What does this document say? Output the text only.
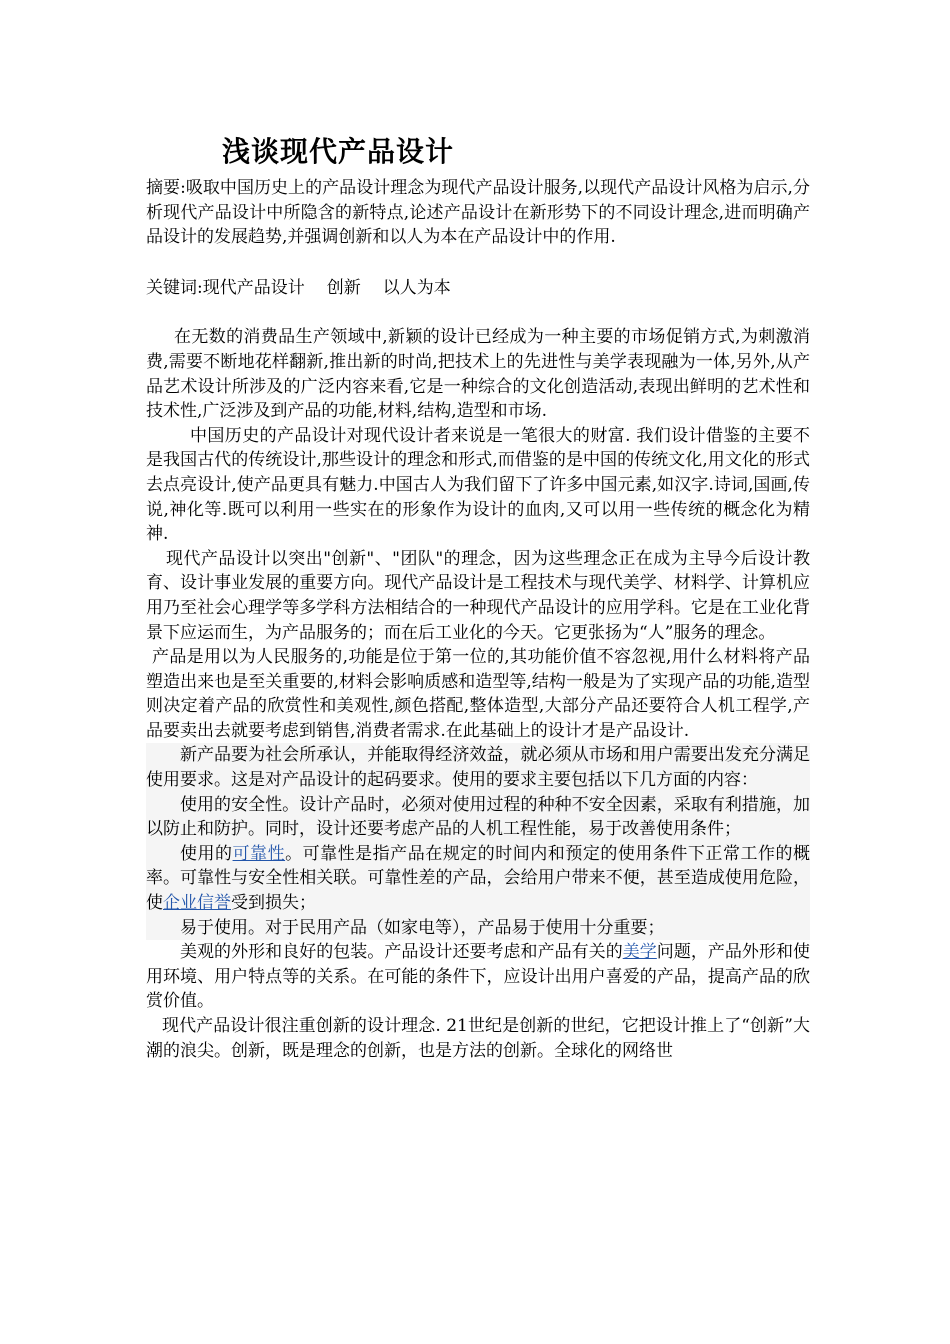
浅谈现代产品设计

摘要:吸取中国历史上的产品设计理念为现代产品设计服务,以现代产品设计风格为启示,分析现代产品设计中所隐含的新特点,论述产品设计在新形势下的不同设计理念,进而明确产品设计的发展趋势,并强调创新和以人为本在产品设计中的作用.

关键词:现代产品设计 创新 以人为本

在无数的消费品生产领域中,新颖的设计已经成为一种主要的市场促销方式,为刺激消费,需要不断地花样翻新,推出新的时尚,把技术上的先进性与美学表现融为一体,另外,从产品艺术设计所涉及的广泛内容来看,它是一种综合的文化创造活动,表现出鲜明的艺术性和技术性,广泛涉及到产品的功能,材料,结构,造型和市场.

中国历史的产品设计对现代设计者来说是一笔很大的财富. 我们设计借鉴的主要不是我国古代的传统设计,那些设计的理念和形式,而借鉴的是中国的传统文化,用文化的形式去点亮设计,使产品更具有魅力.中国古人为我们留下了许多中国元素,如汉字.诗词,国画,传说,神化等.既可以利用一些实在的形象作为设计的血肉,又可以用一些传统的概念化为精神.

现代产品设计以突出"创新"、"团队"的理念，因为这些理念正在成为主导今后设计教育、设计事业发展的重要方向。现代产品设计是工程技术与现代美学、材料学、计算机应用乃至社会心理学等多学科方法相结合的一种现代产品设计的应用学科。它是在工业化背景下应运而生，为产品服务的；而在后工业化的今天。它更张扬为“人”服务的理念。

产品是用以为人民服务的,功能是位于第一位的,其功能价值不容忽视,用什么材料将产品塑造出来也是至关重要的,材料会影响质感和造型等,结构一般是为了实现产品的功能,造型则决定着产品的欣赏性和美观性,颜色搭配,整体造型,大部分产品还要符合人机工程学,产品要卖出去就要考虑到销售,消费者需求.在此基础上的设计才是产品设计.

新产品要为社会所承认，并能取得经济效益，就必须从市场和用户需要出发充分满足使用要求。这是对产品设计的起码要求。使用的要求主要包括以下几方面的内容：

使用的安全性。设计产品时，必须对使用过程的种种不安全因素，采取有利措施，加以防止和防护。同时，设计还要考虑产品的人机工程性能，易于改善使用条件；

使用的可靠性。可靠性是指产品在规定的时间内和预定的使用条件下正常工作的概率。可靠性与安全性相关联。可靠性差的产品，会给用户带来不便，甚至造成使用危险，使企业信誉受到损失；

易于使用。对于民用产品（如家电等），产品易于使用十分重要；

美观的外形和良好的包装。产品设计还要考虑和产品有关的美学问题，产品外形和使用环境、用户特点等的关系。在可能的条件下，应设计出用户喜爱的产品，提高产品的欣赏价值。

现代产品设计很注重创新的设计理念. 21世纪是创新的世纪，它把设计推上了“创新”大潮的浪尖。创新，既是理念的创新，也是方法的创新。全球化的网络世
